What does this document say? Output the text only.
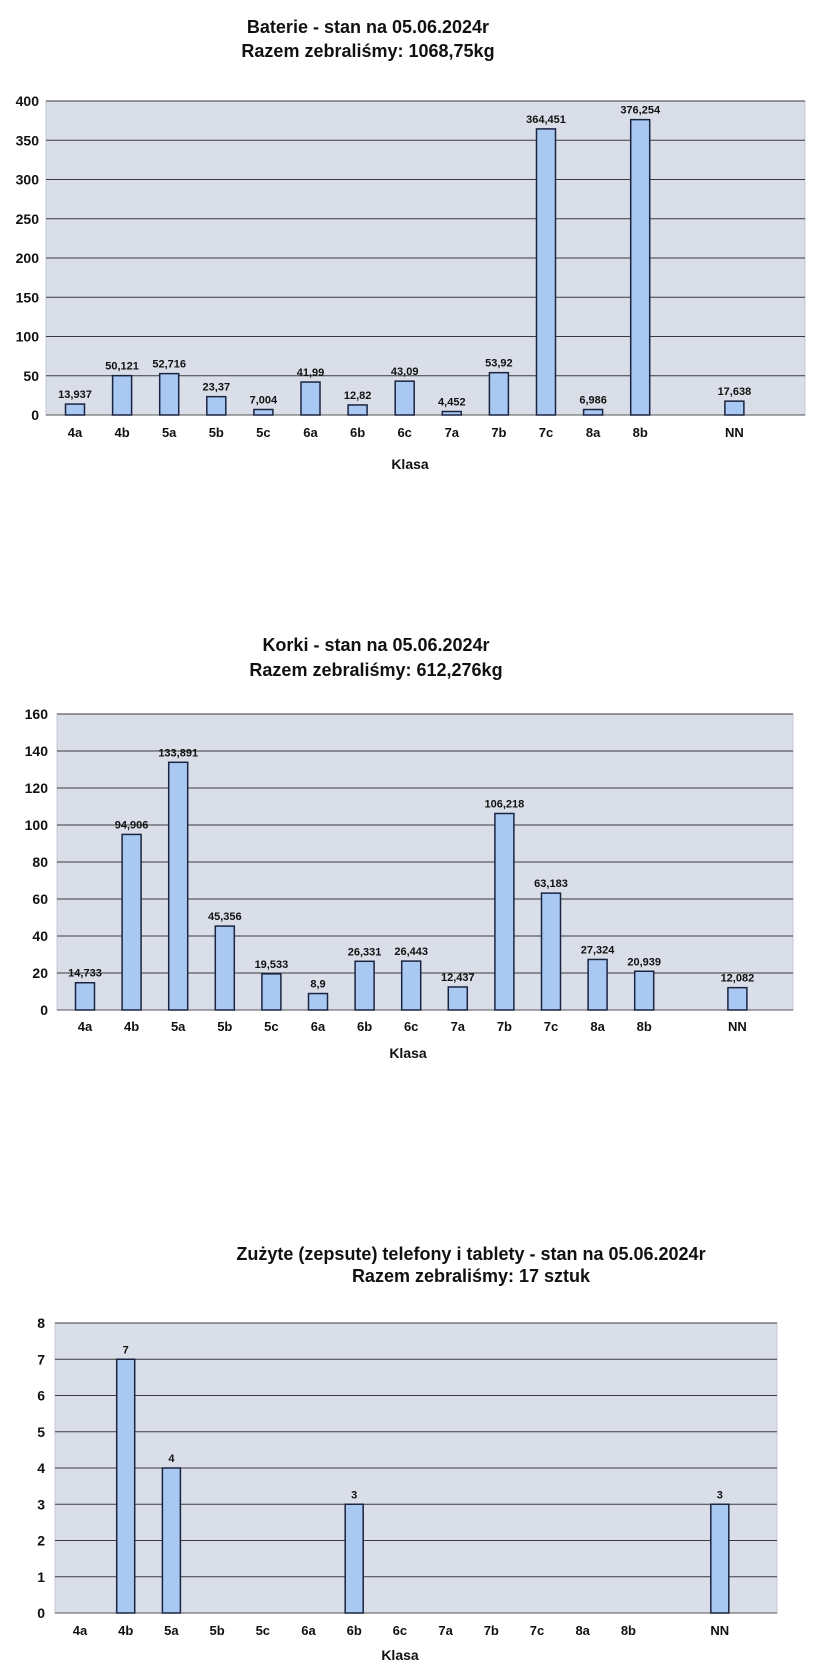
Baterie - stan na 05.06.2024r
Razem zebraliśmy: 1068,75kg
0
50
100
150
200
250
300
350
400
13,937
50,121 52,716
23,37
7,004
41,99
12,82
43,09
4,452
53,92
364,451
6,986
376,254
17,638
4a 4b 5a 5b 5c	6a 6b 6c	7a 7b 7c	8a 8b	NN
Klasa
Korki - stan na 05.06.2024r
Razem zebraliśmy: 612,276kg
0
20
40
60
80
100
120
140
160
14,733
94,906
133,891
45,356
19,533
8,9
26,331 26,443
12,437
106,218
63,183
27,324
20,939
12,082
4a 4b 5a 5b 5c 6a 6b 6c 7a 7b 7c 8a 8b	NN
Klasa
Zużyte (zepsute) telefony i tablety - stan na 05.06.2024r
Razem zebraliśmy: 17 sztuk
0
1
2
3
4
5
6
7
8
7
4
3	3
4a 4b 5a 5b 5c 6a 6b 6c 7a 7b 7c 8a 8b	NN
Klasa
